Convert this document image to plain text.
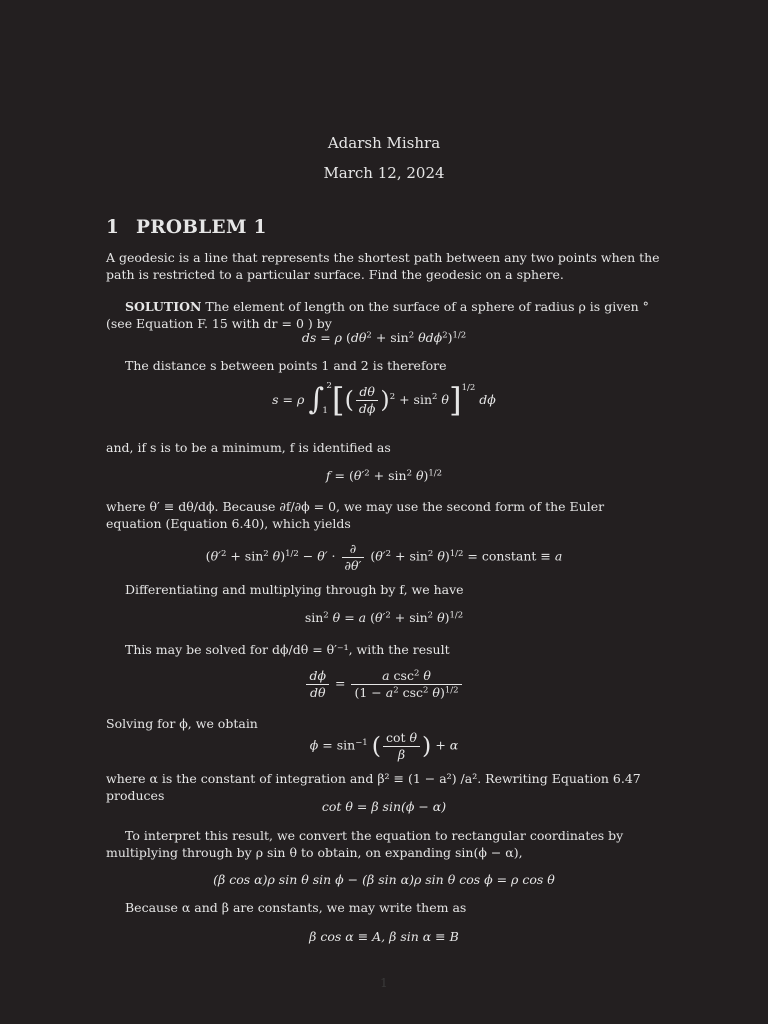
Adarsh Mishra
March 12, 2024
1 PROBLEM 1

A geodesic is a line that represents the shortest path between any two points when the path is restricted to a particular surface. Find the geodesic on a sphere.

SOLUTION The element of length on the surface of a sphere of radius ρ is given ° (see Equation F. 15 with dr = 0 ) by

ds = ρ $(d\theta^2 + \sin^2 \theta d\phi^2)^{1/2}$

The distance s between points 1 and 2 is therefore

s = ρ ∫ 2
1 [( $\frac{d\theta}{d\phi} )^2 + \sin^2 \theta]^{1/2}$ dϕ

and, if s is to be a minimum, f is identified as

$f = (\theta'^2 + \sin^2 \theta)^{1/2}$

where θ′ ≡ dθ/dϕ. Because ∂f/∂ϕ = 0, we may use the second form of the Euler equation (Equation 6.40), which yields

$(\theta'^2 + \sin^2 \theta)^{1/2} - \theta' \cdot \frac{\partial}{\partial\theta'} (\theta'^2 + \sin^2 \theta)^{1/2}$ = constant ≡ a

Differentiating and multiplying through by f, we have

$\sin^2 \theta = a$ $(\theta'^2 + \sin^2 \theta)^{1/2}$

This may be solved for dϕ/dθ = θ′⁻¹, with the result

$\frac{d\phi}{d\theta} = \frac{a \csc^2 \theta}{(1 - a^2 \csc^2 \theta)^{1/2}}$

Solving for ϕ, we obtain

$\phi = \sin^{-1}$ ( $\frac{\text{cot θ}}{\beta}$ ) + α

where α is the constant of integration and β² ≡ (1 − a²) /a². Rewriting Equation 6.47 produces

cot θ = β sin(ϕ − α)

To interpret this result, we convert the equation to rectangular coordinates by multiplying through by ρ sin θ to obtain, on expanding sin(ϕ − α),

(β cos α)ρ sin θ sin ϕ − (β sin α)ρ sin θ cos ϕ = ρ cos θ

Because α and β are constants, we may write them as

β cos α ≡ A, β sin α ≡ B
1
